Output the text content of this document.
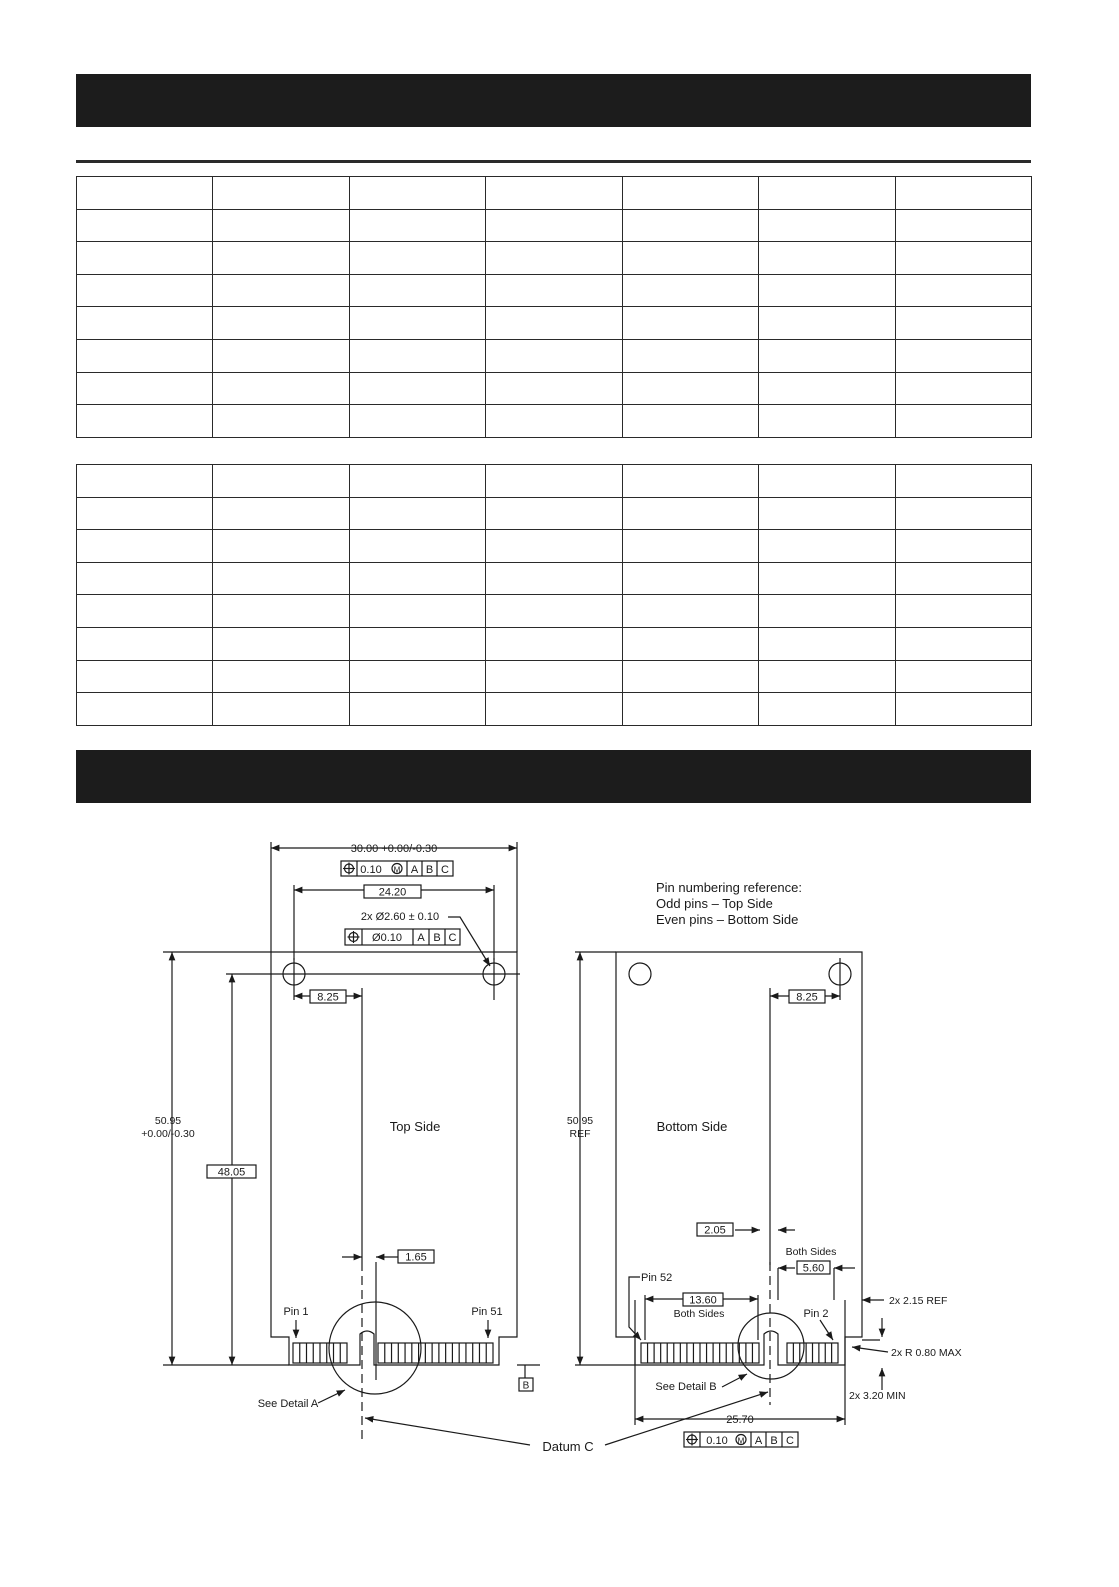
30.00 +0.00/-0.30
0.10 M A B C
24.20
2x Ø2.60 ± 0.10
Ø0.10 A B C
8.25
50.95
+0.00/-0.30
48.05
Top Side
1.65
Pin 1	Pin 51
B
See Detail A
Pin numbering reference:
Odd pins – Top Side
Even pins – Bottom Side
8.25
50.95
REF	Bottom Side
2.05
Both Sides
5.60
Pin 52
13.60
Both Sides	Pin 2
2x 2.15 REF
2x R 0.80 MAX
2x 3.20 MIN
See Detail B
25.70
0.10 M A B C
Datum C
